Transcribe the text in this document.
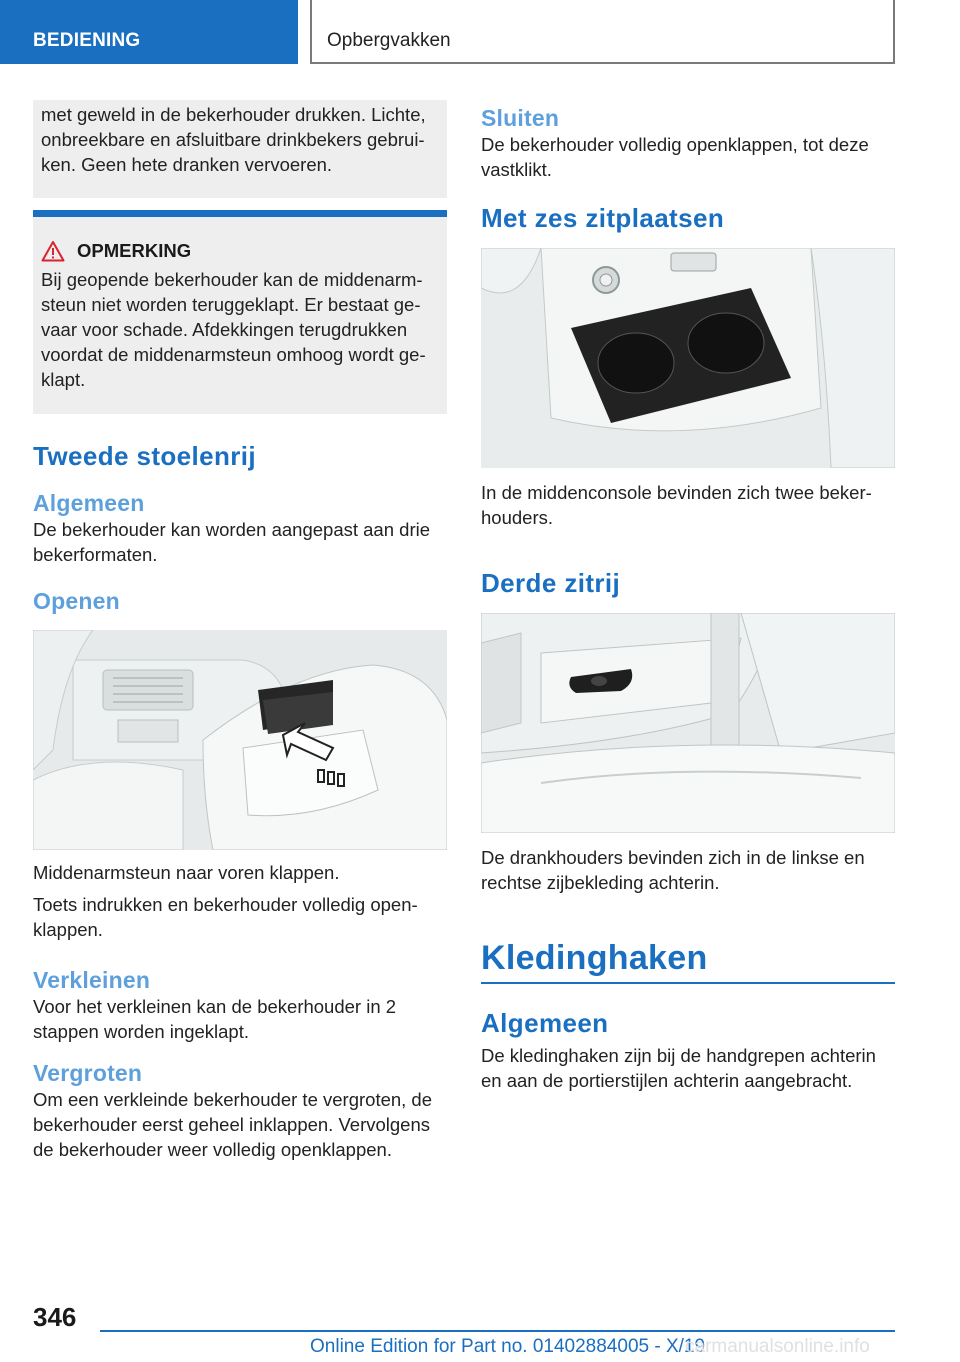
BEDIENING	Opbergvakken

met geweld in de bekerhouder drukken. Lichte, onbreekbare en afsluitbare drinkbekers gebrui-ken. Geen hete dranken vervoeren.

OPMERKING

Bij geopende bekerhouder kan de middenarm-steun niet worden teruggeklapt. Er bestaat ge-vaar voor schade. Afdekkingen terugdrukken voordat de middenarmsteun omhoog wordt ge-klapt.

Tweede stoelenrij
Algemeen

De bekerhouder kan worden aangepast aan drie bekerformaten.

Openen

Middenarmsteun naar voren klappen.

Toets indrukken en bekerhouder volledig open-klappen.

Verkleinen

Voor het verkleinen kan de bekerhouder in 2 stappen worden ingeklapt.

Vergroten

Om een verkleinde bekerhouder te vergroten, de bekerhouder eerst geheel inklappen. Vervolgens de bekerhouder weer volledig openklappen.

Sluiten

De bekerhouder volledig openklappen, tot deze vastklikt.

Met zes zitplaatsen

In de middenconsole bevinden zich twee beker-houders.

Derde zitrij

De drankhouders bevinden zich in de linkse en rechtse zijbekleding achterin.

Kledinghaken
Algemeen

De kledinghaken zijn bij de handgrepen achterin en aan de portierstijlen achterin aangebracht.

346
Online Edition for Part no. 01402884005 - X/19
carmanualsonline.info
